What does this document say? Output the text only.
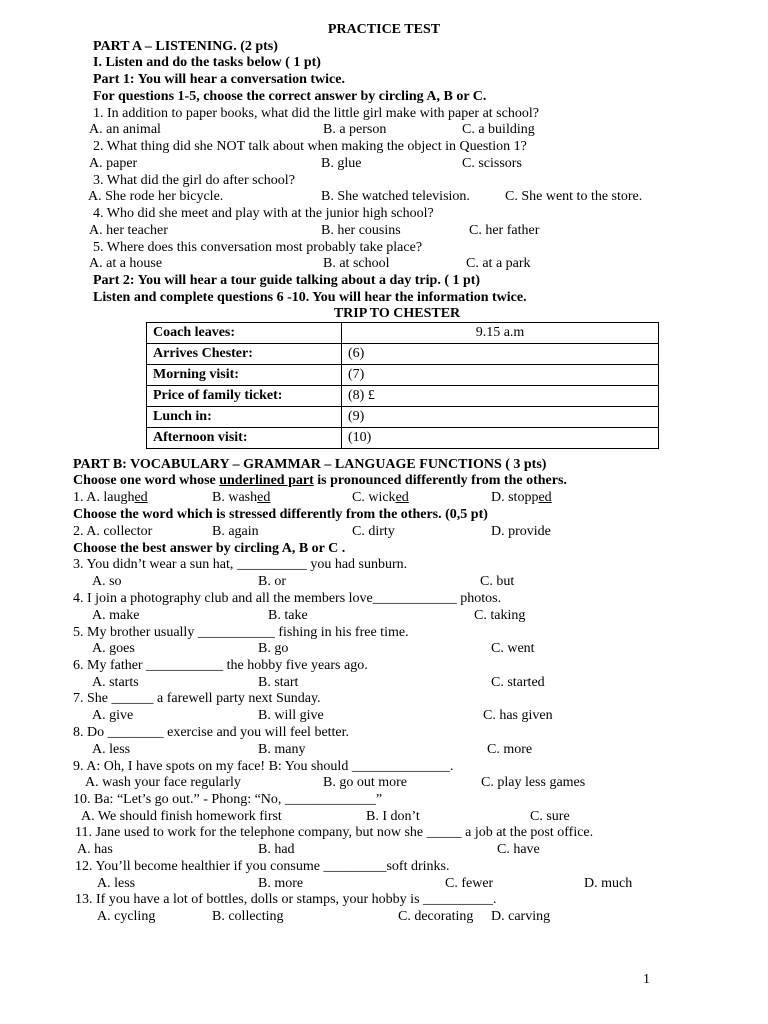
PRACTICE TEST
PART A – LISTENING. (2 pts)
I. Listen and do the tasks below ( 1 pt)
Part 1: You will hear a conversation twice.
For questions 1-5, choose the correct answer by circling A, B or C.
1. In addition to paper books, what did the little girl make with paper at school?
A. an animal	B. a person	C. a building
2. What thing did she NOT talk about when making the object in Question 1?
A. paper	B. glue	C. scissors
3. What did the girl do after school?
A. She rode her bicycle.	B. She watched television.	C. She went to the store.
4. Who did she meet and play with at the junior high school?
A. her teacher	B. her cousins	C. her father
5. Where does this conversation most probably take place?
A. at a house	B. at school	C. at a park
Part 2: You will hear a tour guide talking about a day trip. ( 1 pt)
Listen and complete questions 6 -10. You will hear the information twice.
TRIP TO CHESTER
Coach leaves:	9.15 a.m
Arrives Chester:	(6)
Morning visit:	(7)
Price of family ticket:	(8) £
Lunch in:	(9)
Afternoon visit:	(10)
PART B: VOCABULARY – GRAMMAR – LANGUAGE FUNCTIONS ( 3 pts)
Choose one word whose underlined part is pronounced differently from the others.
1. A. laughed	B. washed	C. wicked	D. stopped
Choose the word which is stressed differently from the others. (0,5 pt)
2. A. collector	B. again	C. dirty	D. provide
Choose the best answer by circling A, B or C .
3. You didn’t wear a sun hat, __________ you had sunburn.
A. so	B. or	C. but
4. I join a photography club and all the members love____________ photos.
A. make	B. take	C. taking
5. My brother usually ___________ fishing in his free time.
A. goes	B. go	C. went
6. My father ___________ the hobby five years ago.
A. starts	B. start	C. started
7. She ______ a farewell party next Sunday.
A. give	B. will give	C. has given
8. Do ________ exercise and you will feel better.
A. less	B. many	C. more
9. A: Oh, I have spots on my face! B: You should ______________.
A. wash your face regularly	B. go out more	C. play less games
10. Ba: “Let’s go out.” - Phong: “No, _____________”
A. We should finish homework first	B. I don’t	C. sure
11. Jane used to work for the telephone company, but now she _____ a job at the post office.
A. has	B. had	C. have
12. You’ll become healthier if you consume _________soft drinks.
A. less	B. more	C. fewer	D. much
13. If you have a lot of bottles, dolls or stamps, your hobby is __________.
A. cycling	B. collecting	C. decorating D. carving
1
